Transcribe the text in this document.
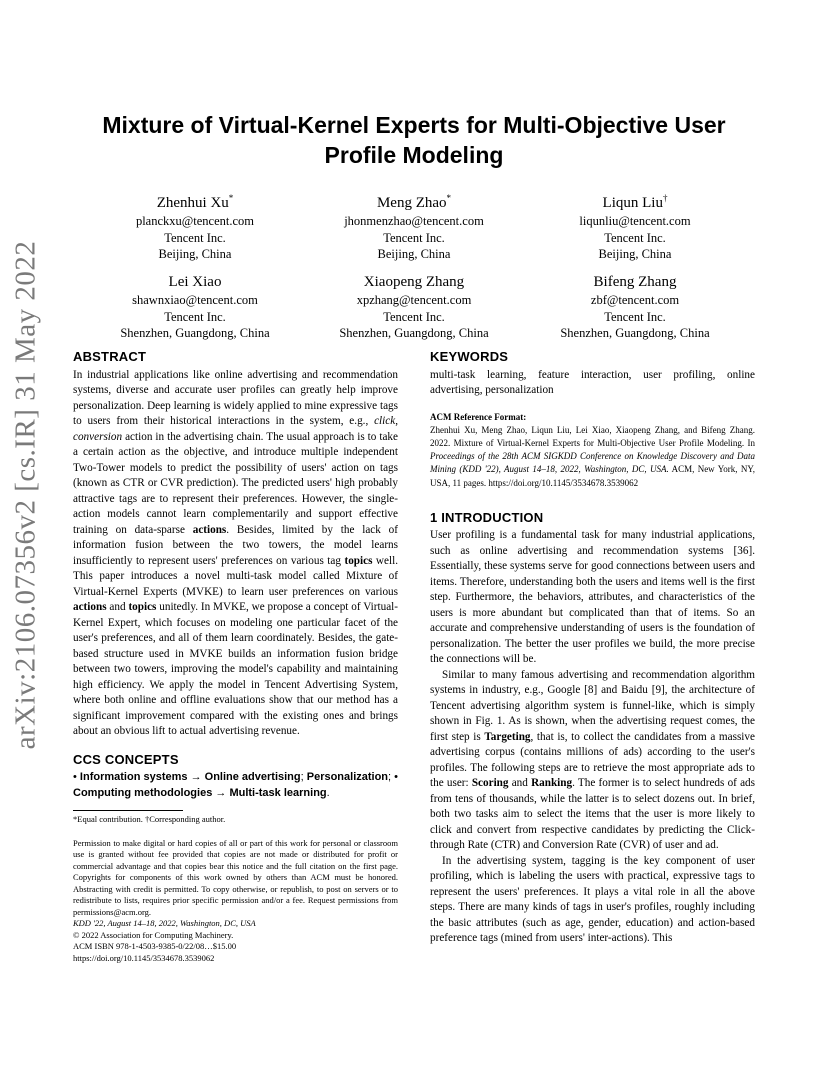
arXiv:2106.07356v2 [cs.IR] 31 May 2022
Mixture of Virtual-Kernel Experts for Multi-Objective User
Profile Modeling
Zhenhui Xu*
planckxu@tencent.com
Tencent Inc.
Beijing, China
Meng Zhao*
jhonmenzhao@tencent.com
Tencent Inc.
Beijing, China
Liqun Liu†
liqunliu@tencent.com
Tencent Inc.
Beijing, China
Lei Xiao
shawnxiao@tencent.com
Tencent Inc.
Shenzhen, Guangdong, China
Xiaopeng Zhang
xpzhang@tencent.com
Tencent Inc.
Shenzhen, Guangdong, China
Bifeng Zhang
zbf@tencent.com
Tencent Inc.
Shenzhen, Guangdong, China
ABSTRACT

In industrial applications like online advertising and recommendation systems, diverse and accurate user profiles can greatly help improve personalization. Deep learning is widely applied to mine expressive tags to users from their historical interactions in the system, e.g., click, conversion action in the advertising chain. The usual approach is to take a certain action as the objective, and introduce multiple independent Two-Tower models to predict the possibility of users' action on tags (known as CTR or CVR prediction). The predicted users' high probably attractive tags are to represent their preferences. However, the single-action models cannot learn complementarily and support effective training on data-sparse actions. Besides, limited by the lack of information fusion between the two towers, the model learns insufficiently to represent users' preferences on various tag topics well. This paper introduces a novel multi-task model called Mixture of Virtual-Kernel Experts (MVKE) to learn user preferences on various actions and topics unitedly. In MVKE, we propose a concept of Virtual-Kernel Expert, which focuses on modeling one particular facet of the user's preferences, and all of them learn coordinately. Besides, the gate-based structure used in MVKE builds an information fusion bridge between two towers, improving the model's capability and maintaining high efficiency. We apply the model in Tencent Advertising System, where both online and offline evaluations show that our method has a significant improvement compared with the existing ones and brings about an obvious lift to actual advertising revenue.

CCS CONCEPTS

• Information systems → Online advertising; Personalization; • Computing methodologies → Multi-task learning.

*Equal contribution. †Corresponding author.

Permission to make digital or hard copies of all or part of this work for personal or classroom use is granted without fee provided that copies are not made or distributed for profit or commercial advantage and that copies bear this notice and the full citation on the first page. Copyrights for components of this work owned by others than ACM must be honored. Abstracting with credit is permitted. To copy otherwise, or republish, to post on servers or to redistribute to lists, requires prior specific permission and/or a fee. Request permissions from permissions@acm.org.

KDD '22, August 14–18, 2022, Washington, DC, USA

© 2022 Association for Computing Machinery.

ACM ISBN 978-1-4503-9385-0/22/08…$15.00

https://doi.org/10.1145/3534678.3539062

KEYWORDS

multi-task learning, feature interaction, user profiling, online advertising, personalization

ACM Reference Format:

Zhenhui Xu, Meng Zhao, Liqun Liu, Lei Xiao, Xiaopeng Zhang, and Bifeng Zhang. 2022. Mixture of Virtual-Kernel Experts for Multi-Objective User Profile Modeling. In Proceedings of the 28th ACM SIGKDD Conference on Knowledge Discovery and Data Mining (KDD '22), August 14–18, 2022, Washington, DC, USA. ACM, New York, NY, USA, 11 pages. https://doi.org/10.1145/3534678.3539062

1 INTRODUCTION

User profiling is a fundamental task for many industrial applications, such as online advertising and recommendation systems [36]. Essentially, these systems serve for good connections between users and items. Therefore, understanding both the users and items well is the first step. Furthermore, the behaviors, attributes, and characteristics of the users is more abundant but complicated than that of items. So an accurate and comprehensive understanding of users is the foundation of personalization. The better the user profiles we build, the more precise the connections will be.

Similar to many famous advertising and recommendation algorithm systems in industry, e.g., Google [8] and Baidu [9], the architecture of Tencent advertising algorithm system is funnel-like, which is simply shown in Fig. 1. As is shown, when the advertising request comes, the first step is Targeting, that is, to collect the candidates from a massive advertising corpus (contains millions of ads) according to the user's profiles. The following steps are to retrieve the most appropriate ads to the user: Scoring and Ranking. The former is to select hundreds of ads from tens of thousands, while the latter is to select dozens out. In brief, both two tasks aim to select the items that the user is more likely to click and convert from respective candidates by predicting the Click-through Rate (CTR) and Conversion Rate (CVR) of user and ad.

In the advertising system, tagging is the key component of user profiling, which is labeling the users with practical, expressive tags to represent the users' preferences. It plays a vital role in all the above steps. There are many kinds of tags in user's profiles, roughly including the basic attributes (such as age, gender, education) and action-based preference tags (mined from users' inter-actions). This
